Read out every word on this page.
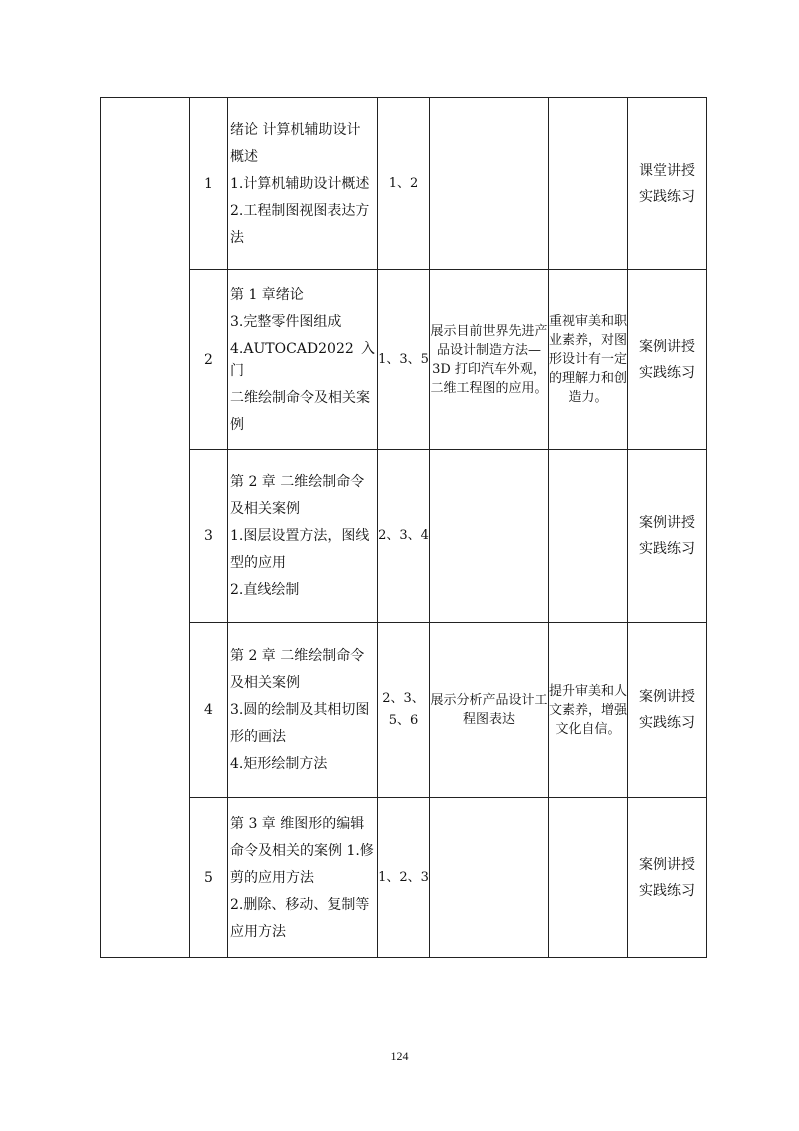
	1	绪论 计算机辅助设计
概述
1.计算机辅助设计概述
2.工程制图视图表达方
法	1、2			课堂讲授
实践练习

	2	第 1 章绪论
3.完整零件图组成
4.AUTOCAD2022 入门
二维绘制命令及相关案
例	1、3、5	展示目前世界先进产品设计制造方法—3D 打印汽车外观，二维工程图的应用。	重视审美和职业素养，对图形设计有一定的理解力和创造力。	案例讲授
实践练习

	3	第 2 章 二维绘制命令
及相关案例
1.图层设置方法，图线
型的应用
2.直线绘制	2、3、4			案例讲授
实践练习

	4	第 2 章 二维绘制命令
及相关案例
3.圆的绘制及其相切图
形的画法
4.矩形绘制方法	2、3、5、6	展示分析产品设计工程图表达	提升审美和人文素养，增强文化自信。	案例讲授
实践练习

	5	第 3 章 维图形的编辑
命令及相关的案例 1.修
剪的应用方法
2.删除、移动、复制等
应用方法	1、2、3			案例讲授
实践练习
124
